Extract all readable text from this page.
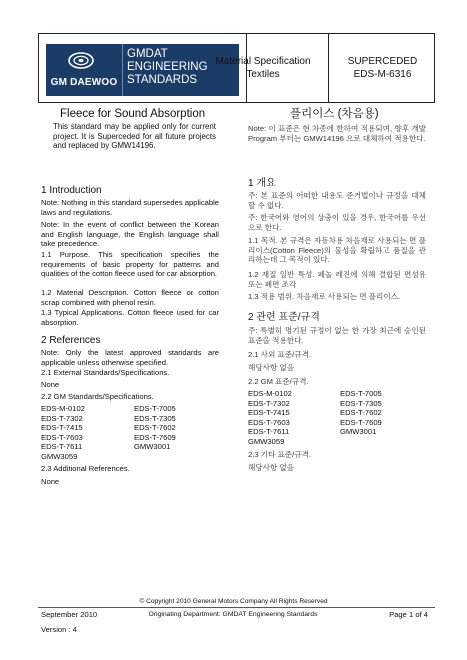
GM DAEWOO
GMDAT
ENGINEERING
STANDARDS
Material Specification
Textiles
SUPERCEDED
EDS-M-6316
Fleece for Sound Absorption
This standard may be applied only for current project. It is Superceded for all future projects and replaced by GMW14196.
1 Introduction
Note: Nothing in this standard supersedes applicable laws and regulations.
Note: In the event of conflict between the Korean and English language, the English language shall take precedence.
1.1 Purpose. This specification specifies the requirements of basic property for patterns and qualities of the cotton fleece used for car absorption.
1.2 Material Description. Cotton fleece or cotton scrap combined with phenol resin.
1.3 Typical Applications. Cotton fleece used for car absorption.
2 References
Note: Only the latest approved standards are applicable unless otherwise specified.
2.1 External Standards/Specifications.
None
2.2 GM Standards/Specifications.
EDS-M-0102
EDS-T-7302
EDS-T-7415
EDS-T-7603
EDS-T-7611
GMW3059
EDS-T-7005
EDS-T-7305
EDS-T-7602
EDS-T-7609
GMW3001
2.3 Additional References.
None
플리이스 (차음용)
Note: 이 표준은 현 차종에 한하여 적용되며, 향후 개발 Program 부터는 GMW14196 으로 대체하여 적용한다.
1 개요
주: 본 표준의 어떠한 내용도 준거법이나 규정을 대체할 수 없다.
주: 한국어와 영어의 상충이 있을 경우, 한국어를 우선으로 한다.
1.1 목적. 본 규격은 자동차용 차음재로 사용되는 면 플리이스(Cotton Fleece)의 물성을 확립하고 품질을 관리하는데 그 목적이 있다.
1.2 재질 일반 특성. 페놀 레진에 의해 결합된 면섬유 또는 폐면 조각
1.3 적용 범위. 차음재로 사용되는 면 플리이스.
2 관련 표준/규격
주: 특별히 명기된 규정이 없는 한 가장 최근에 승인된 표준을 적용한다.
2.1 사외 표준/규격.
해당사항 없음
2.2 GM 표준/규격.
EDS-M-0102
EDS-T-7302
EDS-T-7415
EDS-T-7603
EDS-T-7611
GMW3059
EDS-T-7005
EDS-T-7305
EDS-T-7602
EDS-T-7609
GMW3001
2.3 기타 표준/규격.
해당사항 없음
© Copyright 2010 General Motors Company All Rights Reserved
September 2010	Originating Department: GMDAT Engineering Standards	Page 1 of 4
Version : 4
